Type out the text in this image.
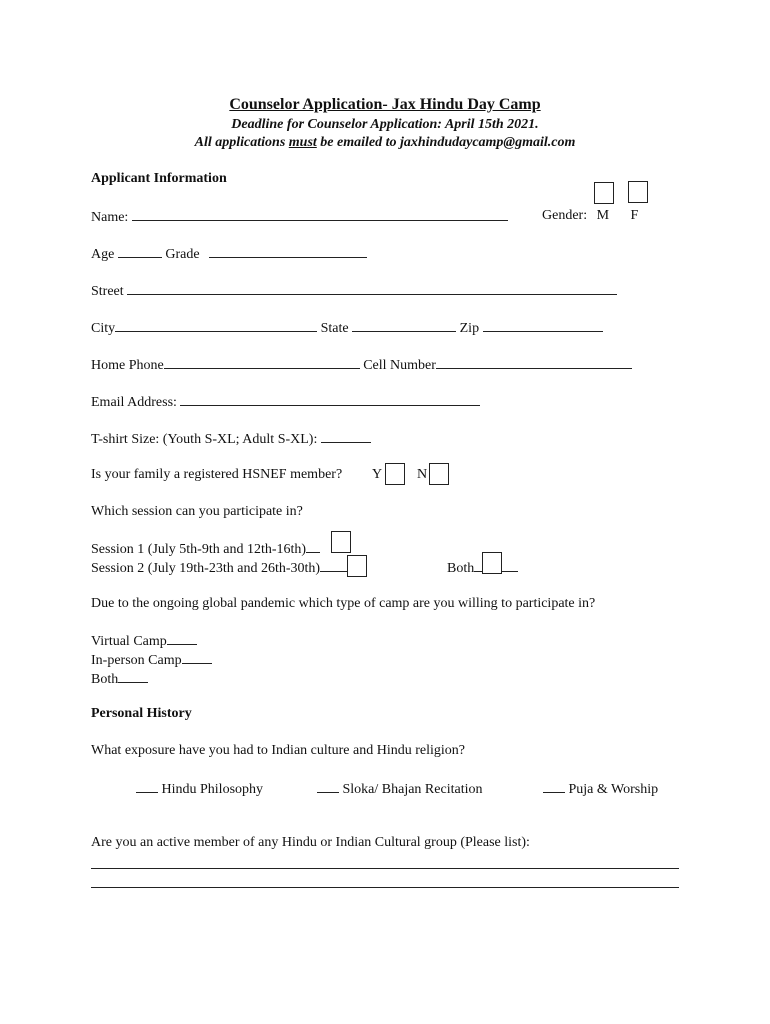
Counselor Application- Jax Hindu Day Camp
Deadline for Counselor Application: April 15th 2021.
All applications must be emailed to jaxhindudaycamp@gmail.com
Applicant Information
Name:	Gender: M F
Age	Grade
Street
City	State	Zip
Home Phone	Cell Number
Email Address:
T-shirt Size: (Youth S-XL; Adult S-XL):
Is your family a registered HSNEF member? Y N
Which session can you participate in?
Session 1 (July 5th-9th and 12th-16th)
Session 2 (July 19th-23th and 26th-30th)	Both
Due to the ongoing global pandemic which type of camp are you willing to participate in?
Virtual Camp
In-person Camp
Both
Personal History
What exposure have you had to Indian culture and Hindu religion?
Hindu Philosophy	Sloka/ Bhajan Recitation	Puja & Worship
Are you an active member of any Hindu or Indian Cultural group (Please list):
